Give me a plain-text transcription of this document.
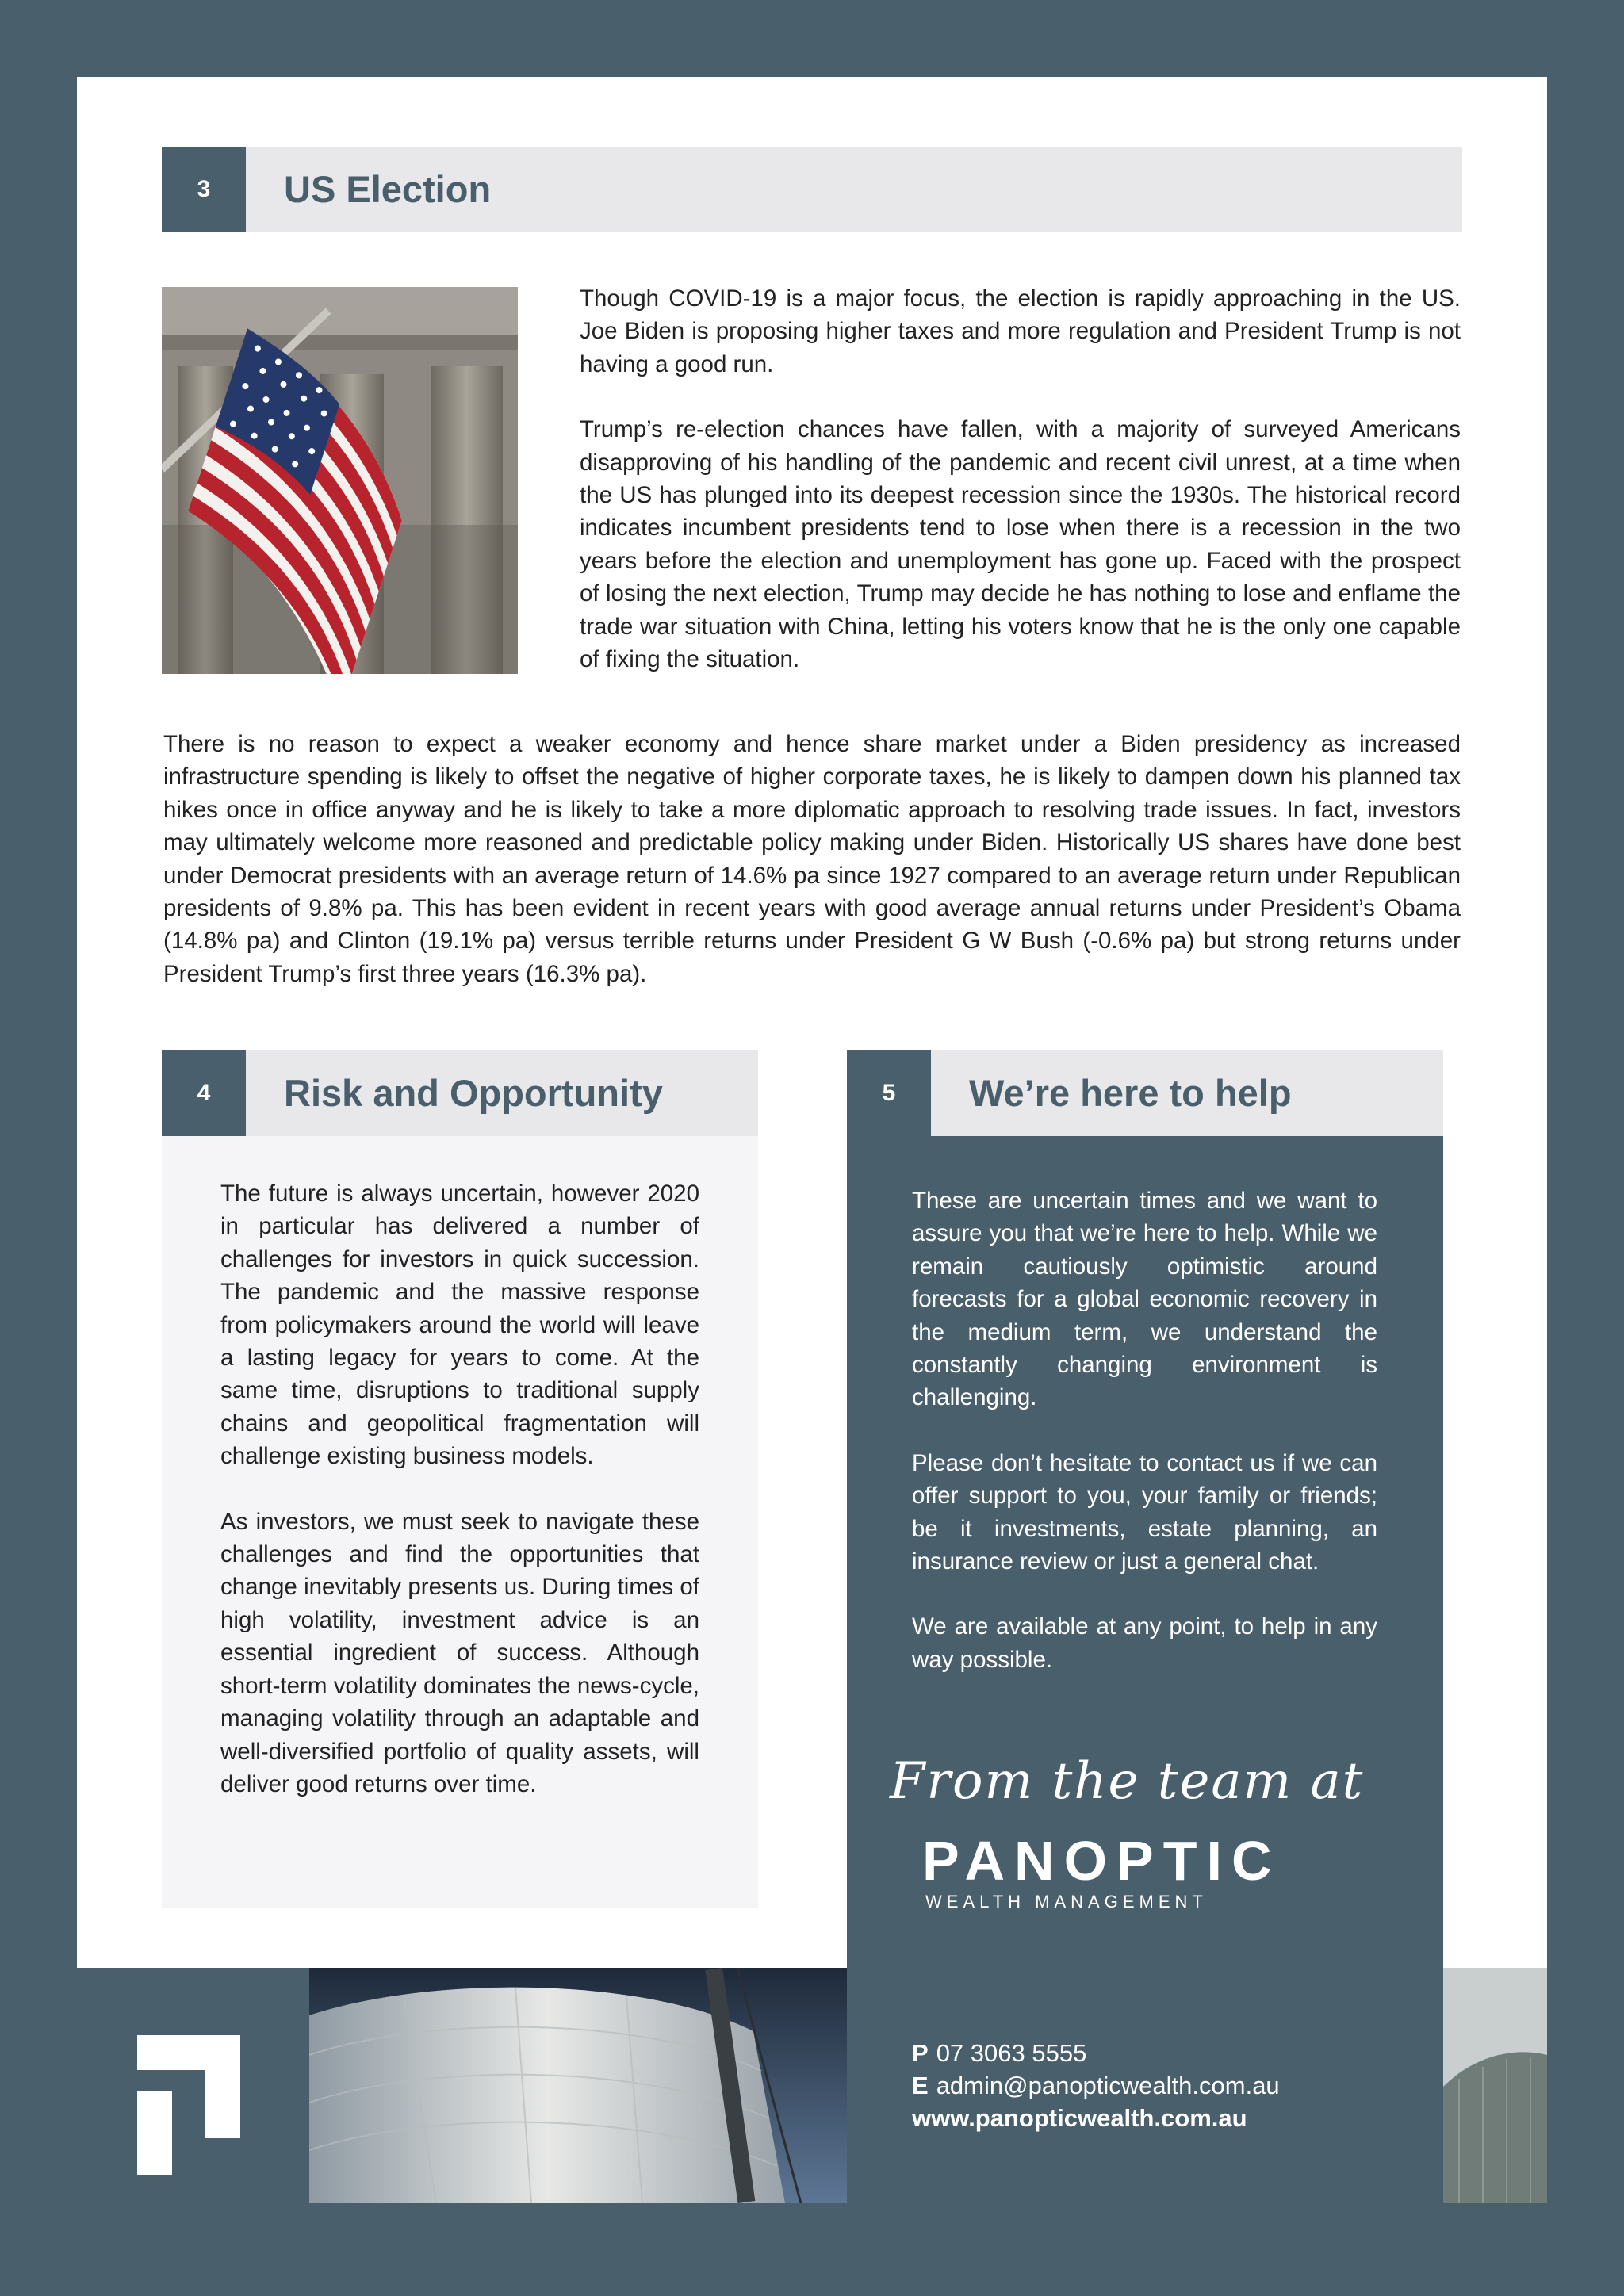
3	US Election

Though COVID-19 is a major focus, the election is rapidly approaching in the US. Joe Biden is proposing higher taxes and more regulation and President Trump is not having a good run.

Trump’s re-election chances have fallen, with a majority of surveyed Americans disapproving of his handling of the pandemic and recent civil unrest, at a time when the US has plunged into its deepest recession since the 1930s. The historical record indicates incumbent presidents tend to lose when there is a recession in the two years before the election and unemployment has gone up. Faced with the prospect of losing the next election, Trump may decide he has nothing to lose and enflame the trade war situation with China, letting his voters know that he is the only one capable of fixing the situation.

There is no reason to expect a weaker economy and hence share market under a Biden presidency as increased infrastructure spending is likely to offset the negative of higher corporate taxes, he is likely to dampen down his planned tax hikes once in office anyway and he is likely to take a more diplomatic approach to resolving trade issues. In fact, investors may ultimately welcome more reasoned and predictable policy making under Biden. Historically US shares have done best under Democrat presidents with an average return of 14.6% pa since 1927 compared to an average return under Republican presidents of 9.8% pa. This has been evident in recent years with good average annual returns under President’s Obama (14.8% pa) and Clinton (19.1% pa) versus terrible returns under President G W Bush (-0.6% pa) but strong returns under President Trump’s first three years (16.3% pa).

4	Risk and Opportunity

The future is always uncertain, however 2020 in particular has delivered a number of challenges for investors in quick succession. The pandemic and the massive response from policymakers around the world will leave a lasting legacy for years to come. At the same time, disruptions to traditional supply chains and geopolitical fragmentation will challenge existing business models.

As investors, we must seek to navigate these challenges and find the opportunities that change inevitably presents us. During times of high volatility, investment advice is an essential ingredient of success. Although short-term volatility dominates the news-cycle, managing volatility through an adaptable and well-diversified portfolio of quality assets, will deliver good returns over time.

5	We’re here to help

These are uncertain times and we want to assure you that we’re here to help. While we remain cautiously optimistic around forecasts for a global economic recovery in the medium term, we understand the constantly changing environment is challenging.

Please don’t hesitate to contact us if we can offer support to you, your family or friends; be it investments, estate planning, an insurance review or just a general chat.

We are available at any point, to help in any way possible.

From the team at
PANOPTIC
WEALTH MANAGEMENT
P 07 3063 5555
E admin@panopticwealth.com.au
www.panopticwealth.com.au
